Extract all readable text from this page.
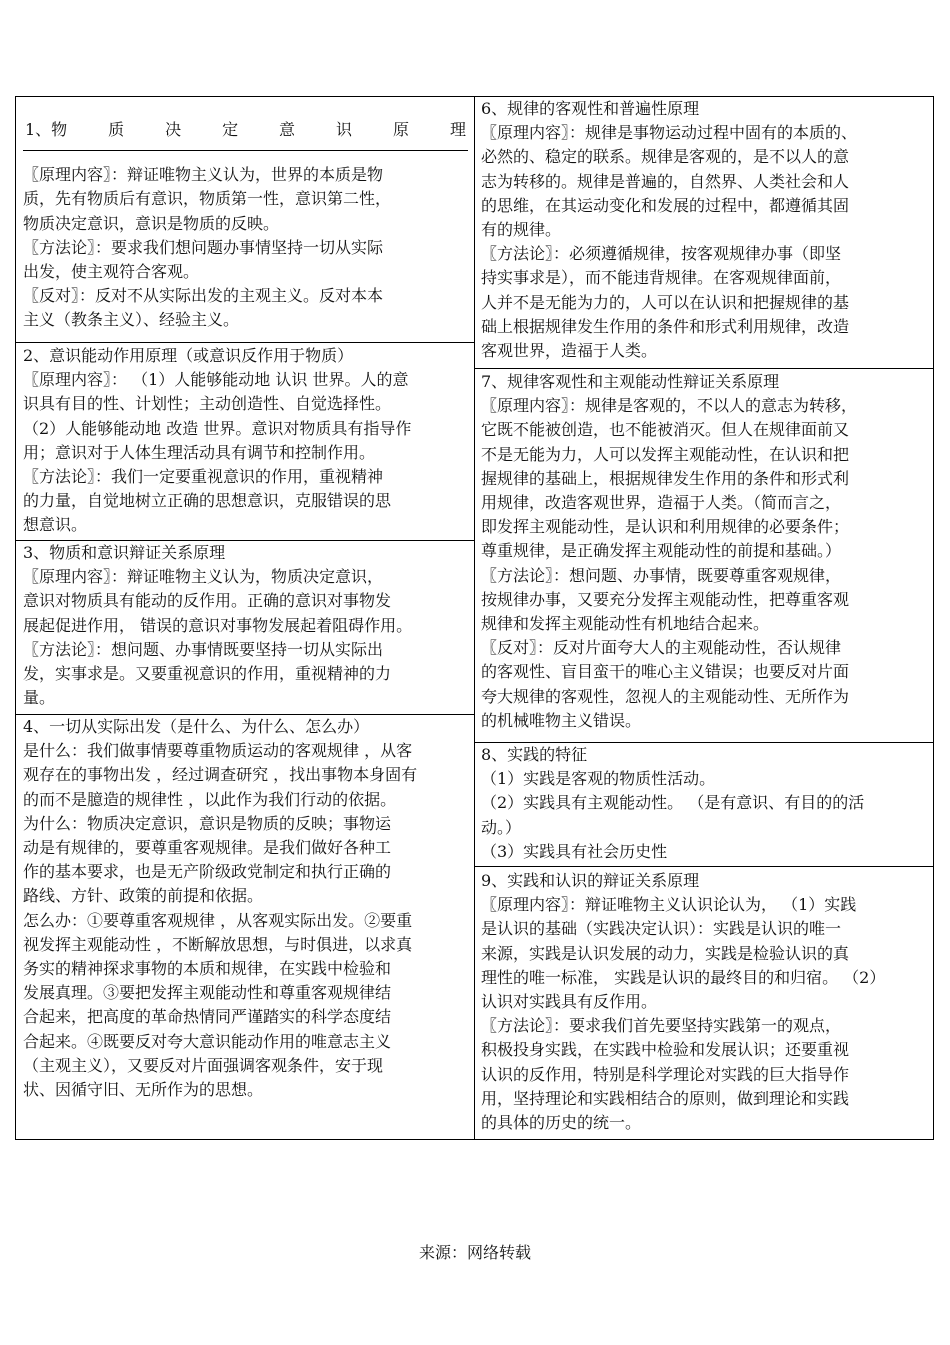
1、物	质	决	定	意	识	原	理

〖原理内容〗：辩证唯物主义认为，世界的本质是物

质，先有物质后有意识，物质第一性，意识第二性，

物质决定意识，意识是物质的反映。

〖方法论〗：要求我们想问题办事情坚持一切从实际

出发，使主观符合客观。

〖反对〗：反对不从实际出发的主观主义。反对本本

主义（教条主义）、经验主义。

2、意识能动作用原理（或意识反作用于物质）

〖原理内容〗： （1）人能够能动地 认识 世界。人的意

识具有目的性、计划性；主动创造性、自觉选择性。

（2）人能够能动地 改造 世界。意识对物质具有指导作

用；意识对于人体生理活动具有调节和控制作用。

〖方法论〗：我们一定要重视意识的作用，重视精神

的力量，自觉地树立正确的思想意识，克服错误的思

想意识。

3、物质和意识辩证关系原理

〖原理内容〗：辩证唯物主义认为，物质决定意识，

意识对物质具有能动的反作用。正确的意识对事物发

展起促进作用， 错误的意识对事物发展起着阻碍作用。

〖方法论〗：想问题、办事情既要坚持一切从实际出

发，实事求是。又要重视意识的作用，重视精神的力

量。

4、一切从实际出发（是什么、为什么、怎么办）

是什么：我们做事情要尊重物质运动的客观规律 ，从客

观存在的事物出发 ，经过调查研究 ，找出事物本身固有

的而不是臆造的规律性 ，以此作为我们行动的依据。

为什么：物质决定意识，意识是物质的反映；事物运

动是有规律的，要尊重客观规律。是我们做好各种工

作的基本要求，也是无产阶级政党制定和执行正确的

路线、方针、政策的前提和依据。

怎么办：①要尊重客观规律 ，从客观实际出发。②要重

视发挥主观能动性 ，不断解放思想，与时俱进，以求真

务实的精神探求事物的本质和规律，在实践中检验和

发展真理。③要把发挥主观能动性和尊重客观规律结

合起来，把高度的革命热情同严谨踏实的科学态度结

合起来。④既要反对夸大意识能动作用的唯意志主义

（主观主义），又要反对片面强调客观条件，安于现

状、因循守旧、无所作为的思想。

6、规律的客观性和普遍性原理

〖原理内容〗：规律是事物运动过程中固有的本质的、

必然的、稳定的联系。规律是客观的，是不以人的意

志为转移的。规律是普遍的，自然界、人类社会和人

的思维，在其运动变化和发展的过程中，都遵循其固

有的规律。

〖方法论〗：必须遵循规律，按客观规律办事（即坚

持实事求是），而不能违背规律。在客观规律面前，

人并不是无能为力的，人可以在认识和把握规律的基

础上根据规律发生作用的条件和形式利用规律，改造

客观世界，造福于人类。

7、规律客观性和主观能动性辩证关系原理

〖原理内容〗：规律是客观的，不以人的意志为转移，

它既不能被创造，也不能被消灭。但人在规律面前又

不是无能为力，人可以发挥主观能动性，在认识和把

握规律的基础上，根据规律发生作用的条件和形式利

用规律，改造客观世界，造福于人类。（简而言之，

即发挥主观能动性，是认识和利用规律的必要条件；

尊重规律，是正确发挥主观能动性的前提和基础。）

〖方法论〗：想问题、办事情，既要尊重客观规律，

按规律办事，又要充分发挥主观能动性，把尊重客观

规律和发挥主观能动性有机地结合起来。

〖反对〗：反对片面夸大人的主观能动性，否认规律

的客观性、盲目蛮干的唯心主义错误；也要反对片面

夸大规律的客观性，忽视人的主观能动性、无所作为

的机械唯物主义错误。

8、实践的特征

（1）实践是客观的物质性活动。

（2）实践具有主观能动性。 （是有意识、有目的的活

动。）

（3）实践具有社会历史性

9、实践和认识的辩证关系原理

〖原理内容〗：辩证唯物主义认识论认为， （1）实践

是认识的基础（实践决定认识）：实践是认识的唯一

来源，实践是认识发展的动力，实践是检验认识的真

理性的唯一标准， 实践是认识的最终目的和归宿。 （2）

认识对实践具有反作用。

〖方法论〗：要求我们首先要坚持实践第一的观点，

积极投身实践，在实践中检验和发展认识；还要重视

认识的反作用，特别是科学理论对实践的巨大指导作

用，坚持理论和实践相结合的原则，做到理论和实践

的具体的历史的统一。

来源：网络转载
